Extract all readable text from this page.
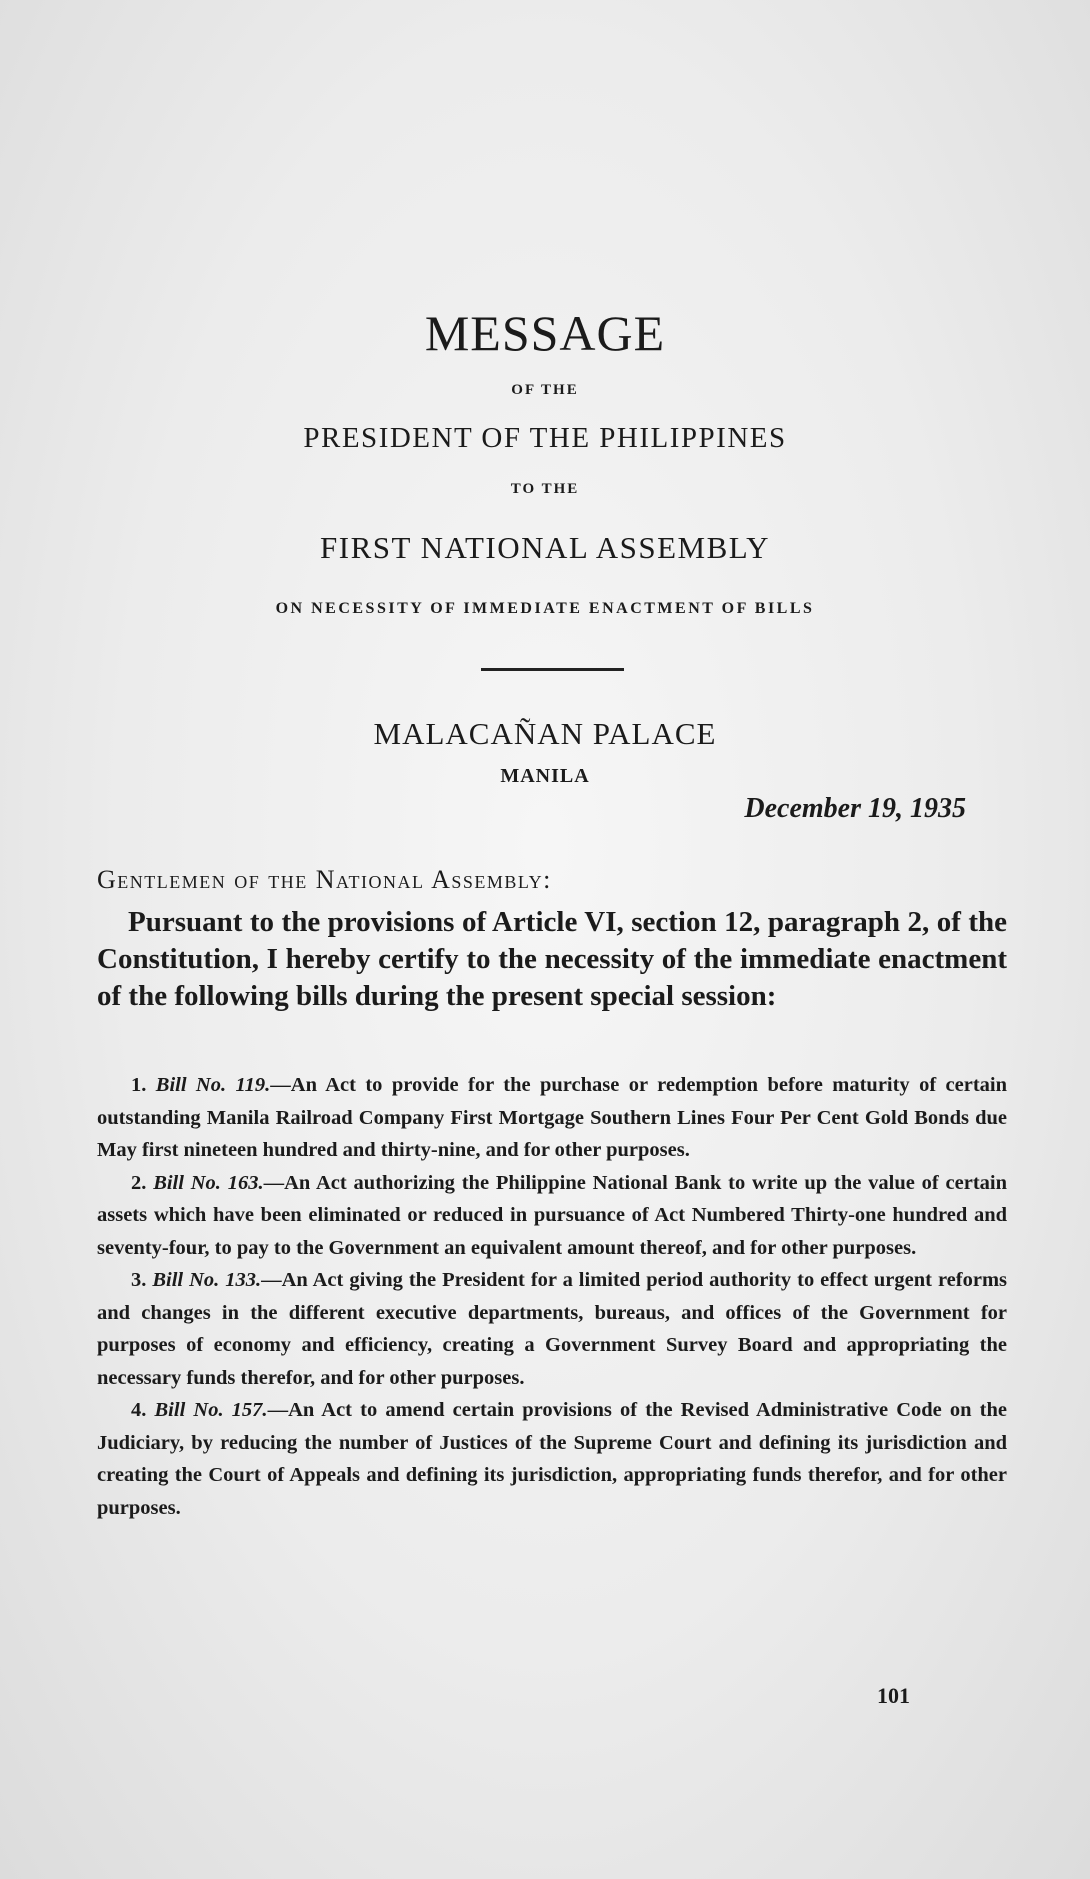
MESSAGE
OF THE
PRESIDENT OF THE PHILIPPINES
TO THE
FIRST NATIONAL ASSEMBLY
ON NECESSITY OF IMMEDIATE ENACTMENT OF BILLS
MALACAÑAN PALACE
MANILA
December 19, 1935
Gentlemen of the National Assembly:

Pursuant to the provisions of Article VI, section 12, paragraph 2, of the Constitution, I hereby certify to the necessity of the immediate enactment of the following bills during the present special session:

1. Bill No. 119.—An Act to provide for the purchase or redemption before maturity of certain outstanding Manila Railroad Company First Mortgage Southern Lines Four Per Cent Gold Bonds due May first nineteen hundred and thirty-nine, and for other purposes.

2. Bill No. 163.—An Act authorizing the Philippine National Bank to write up the value of certain assets which have been eliminated or reduced in pursuance of Act Numbered Thirty-one hundred and seventy-four, to pay to the Government an equivalent amount thereof, and for other purposes.

3. Bill No. 133.—An Act giving the President for a limited period authority to effect urgent reforms and changes in the different executive departments, bureaus, and offices of the Government for purposes of economy and efficiency, creating a Government Survey Board and appropriating the necessary funds therefor, and for other purposes.

4. Bill No. 157.—An Act to amend certain provisions of the Revised Administrative Code on the Judiciary, by reducing the number of Justices of the Supreme Court and defining its jurisdiction and creating the Court of Appeals and defining its jurisdiction, appropriating funds therefor, and for other purposes.

101
